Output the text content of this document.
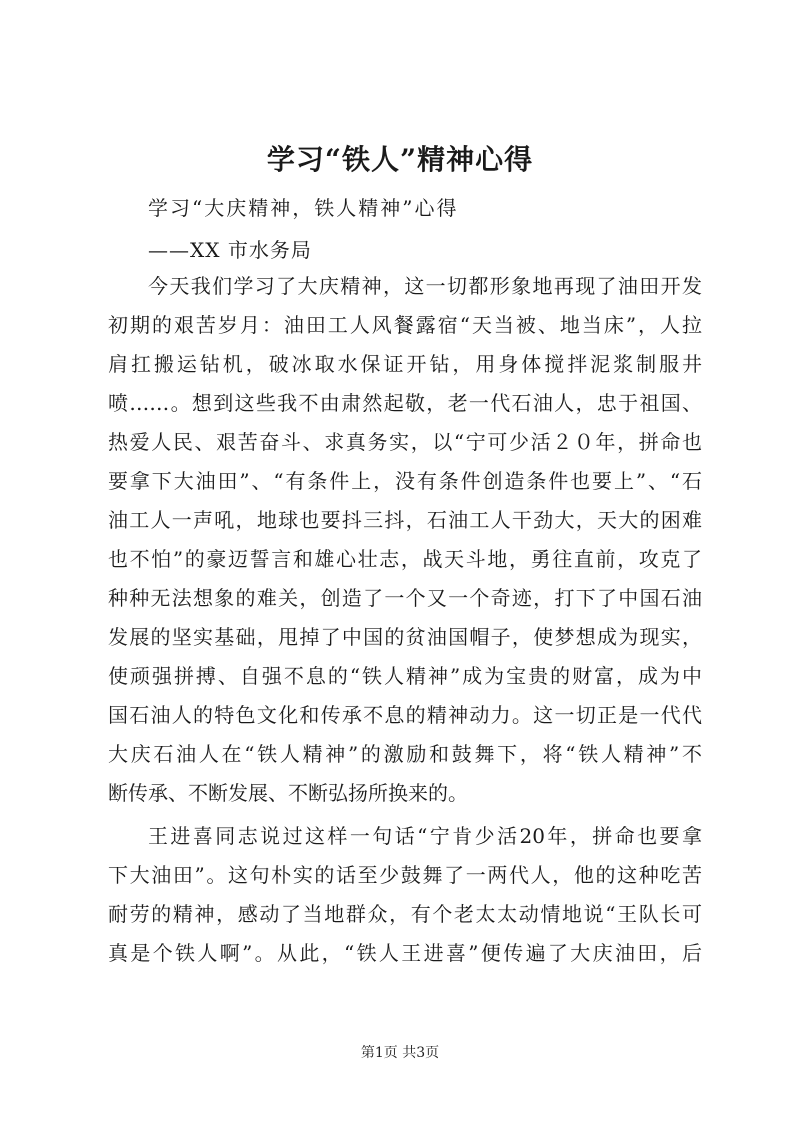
学习“铁人”精神心得

学习“大庆精神，铁人精神”心得

——XX 市水务局

今天我们学习了大庆精神，这一切都形象地再现了油田开发

初期的艰苦岁月：油田工人风餐露宿“天当被、地当床”，人拉

肩扛搬运钻机，破冰取水保证开钻，用身体搅拌泥浆制服井

喷……。想到这些我不由肃然起敬，老一代石油人，忠于祖国、

热爱人民、艰苦奋斗、求真务实，以“宁可少活２０年，拼命也

要拿下大油田”、“有条件上，没有条件创造条件也要上”、“石

油工人一声吼，地球也要抖三抖，石油工人干劲大，天大的困难

也不怕”的豪迈誓言和雄心壮志，战天斗地，勇往直前，攻克了

种种无法想象的难关，创造了一个又一个奇迹，打下了中国石油

发展的坚实基础，甩掉了中国的贫油国帽子，使梦想成为现实，

使顽强拼搏、自强不息的“铁人精神”成为宝贵的财富，成为中

国石油人的特色文化和传承不息的精神动力。这一切正是一代代

大庆石油人在“铁人精神”的激励和鼓舞下，将“铁人精神”不

断传承、不断发展、不断弘扬所换来的。

王进喜同志说过这样一句话“宁肯少活20年，拼命也要拿

下大油田”。这句朴实的话至少鼓舞了一两代人，他的这种吃苦

耐劳的精神，感动了当地群众，有个老太太动情地说“王队长可

真是个铁人啊”。从此，“铁人王进喜”便传遍了大庆油田，后

第1页 共3页
